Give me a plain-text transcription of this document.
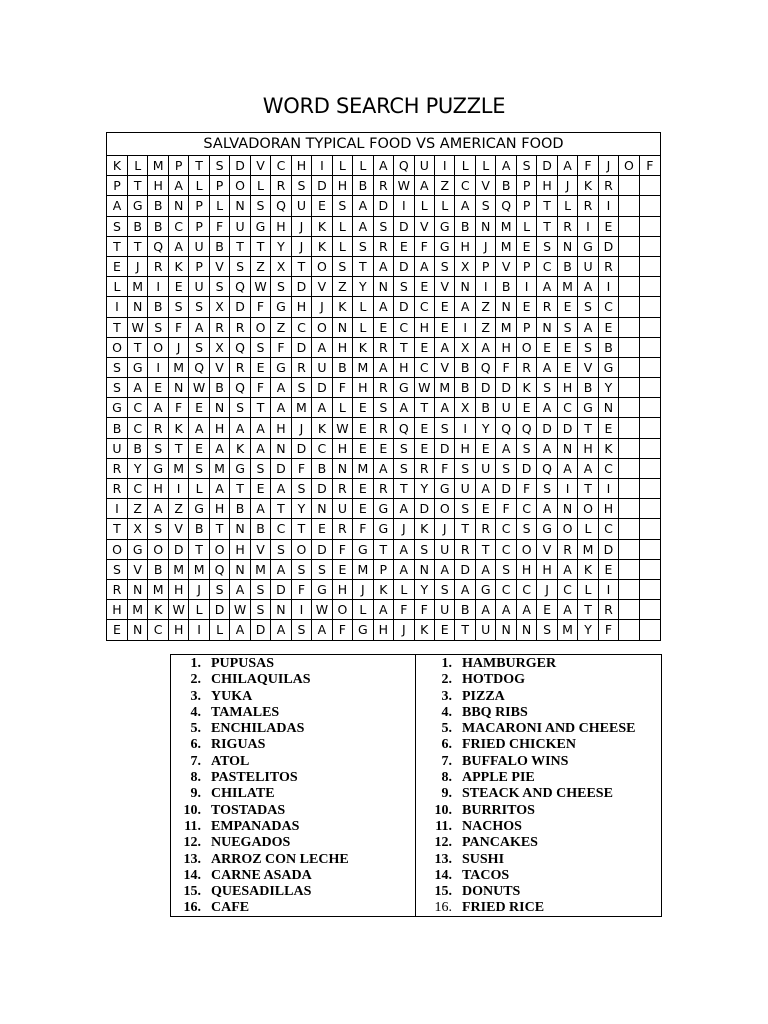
WORD SEARCH PUZZLE
SALVADORAN TYPICAL FOOD VS AMERICAN FOOD
K	L	M	P	T	S	D	V	C	H	I	L	L	A	Q	U	I	L	L	A	S	D	A	F	J	O	F
P	T	H	A	L	P	O	L	R	S	D	H	B	R	W	A	Z	C	V	B	P	H	J	K	R		
A	G	B	N	P	L	N	S	Q	U	E	S	A	D	I	L	L	A	S	Q	P	T	L	R	I		
S	B	B	C	P	F	U	G	H	J	K	L	A	S	D	V	G	B	N	M	L	T	R	I	E		
T	T	Q	A	U	B	T	T	Y	J	K	L	S	R	E	F	G	H	J	M	E	S	N	G	D		
E	J	R	K	P	V	S	Z	X	T	O	S	T	A	D	A	S	X	P	V	P	C	B	U	R		
L	M	I	E	U	S	Q	W	S	D	V	Z	Y	N	S	E	V	N	I	B	I	A	M	A	I		
I	N	B	S	S	X	D	F	G	H	J	K	L	A	D	C	E	A	Z	N	E	R	E	S	C		
T	W	S	F	A	R	R	O	Z	C	O	N	L	E	C	H	E	I	Z	M	P	N	S	A	E		
O	T	O	J	S	X	Q	S	F	D	A	H	K	R	T	E	A	X	A	H	O	E	E	S	B		
S	G	I	M	Q	V	R	E	G	R	U	B	M	A	H	C	V	B	Q	F	R	A	E	V	G		
S	A	E	N	W	B	Q	F	A	S	D	F	H	R	G	W	M	B	D	D	K	S	H	B	Y		
G	C	A	F	E	N	S	T	A	M	A	L	E	S	A	T	A	X	B	U	E	A	C	G	N		
B	C	R	K	A	H	A	A	H	J	K	W	E	R	Q	E	S	I	Y	Q	Q	D	D	T	E		
U	B	S	T	E	A	K	A	N	D	C	H	E	E	S	E	D	H	E	A	S	A	N	H	K		
R	Y	G	M	S	M	G	S	D	F	B	N	M	A	S	R	F	S	U	S	D	Q	A	A	C		
R	C	H	I	L	A	T	E	A	S	D	R	E	R	T	Y	G	U	A	D	F	S	I	T	I		
I	Z	A	Z	G	H	B	A	T	Y	N	U	E	G	A	D	O	S	E	F	C	A	N	O	H		
T	X	S	V	B	T	N	B	C	T	E	R	F	G	J	K	J	T	R	C	S	G	O	L	C		
O	G	O	D	T	O	H	V	S	O	D	F	G	T	A	S	U	R	T	C	O	V	R	M	D		
S	V	B	M	M	Q	N	M	A	S	S	E	M	P	A	N	A	D	A	S	H	H	A	K	E		
R	N	M	H	J	S	A	S	D	F	G	H	J	K	L	Y	S	A	G	C	C	J	C	L	I		
H	M	K	W	L	D	W	S	N	I	W	O	L	A	F	F	U	B	A	A	A	E	A	T	R		
E	N	C	H	I	L	A	D	A	S	A	F	G	H	J	K	E	T	U	N	N	S	M	Y	F		
1. PUPUSAS
2. CHILAQUILAS
3. YUKA
4. TAMALES
5. ENCHILADAS
6. RIGUAS
7. ATOL
8. PASTELITOS
9. CHILATE
10. TOSTADAS
11. EMPANADAS
12. NUEGADOS
13. ARROZ CON LECHE
14. CARNE ASADA
15. QUESADILLAS
16. CAFE
1. HAMBURGER
2. HOTDOG
3. PIZZA
4. BBQ RIBS
5. MACARONI AND CHEESE
6. FRIED CHICKEN
7. BUFFALO WINS
8. APPLE PIE
9. STEACK AND CHEESE
10. BURRITOS
11. NACHOS
12. PANCAKES
13. SUSHI
14. TACOS
15. DONUTS
16. FRIED RICE
